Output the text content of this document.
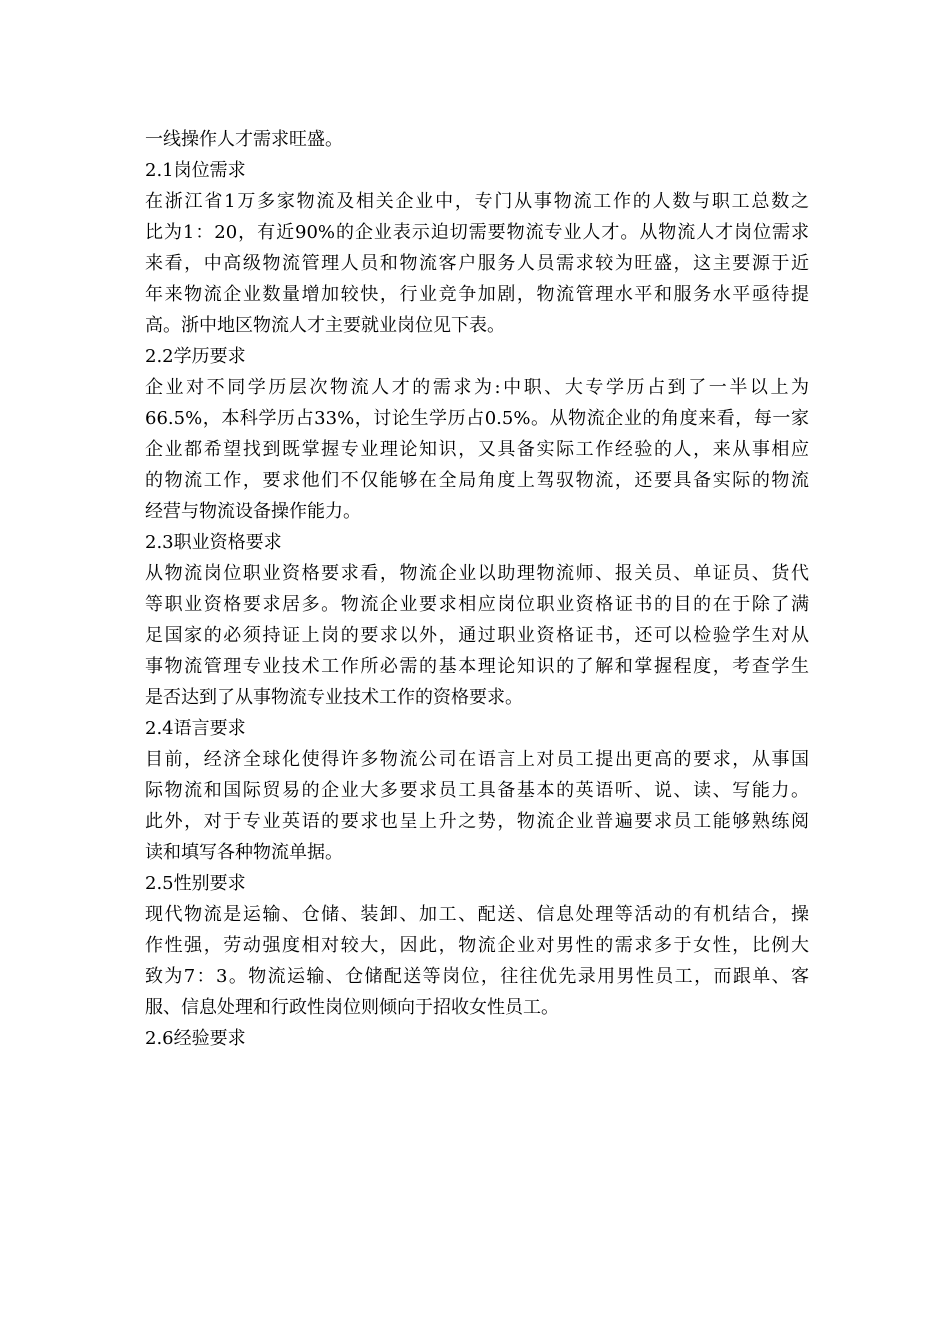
一线操作人才需求旺盛。
2.1岗位需求
在浙江省1万多家物流及相关企业中，专门从事物流工作的人数与职工总数之
比为1：20，有近90%的企业表示迫切需要物流专业人才。从物流人才岗位需求
来看，中高级物流管理人员和物流客户服务人员需求较为旺盛，这主要源于近
年来物流企业数量增加较快，行业竞争加剧，物流管理水平和服务水平亟待提
高。浙中地区物流人才主要就业岗位见下表。
2.2学历要求
企业对不同学历层次物流人才的需求为:中职、大专学历占到了一半以上为
66.5%，本科学历占33%，讨论生学历占0.5%。从物流企业的角度来看，每一家
企业都希望找到既掌握专业理论知识，又具备实际工作经验的人，来从事相应
的物流工作，要求他们不仅能够在全局角度上驾驭物流，还要具备实际的物流
经营与物流设备操作能力。
2.3职业资格要求
从物流岗位职业资格要求看，物流企业以助理物流师、报关员、单证员、货代
等职业资格要求居多。物流企业要求相应岗位职业资格证书的目的在于除了满
足国家的必须持证上岗的要求以外，通过职业资格证书，还可以检验学生对从
事物流管理专业技术工作所必需的基本理论知识的了解和掌握程度，考查学生
是否达到了从事物流专业技术工作的资格要求。
2.4语言要求
目前，经济全球化使得许多物流公司在语言上对员工提出更高的要求，从事国
际物流和国际贸易的企业大多要求员工具备基本的英语听、说、读、写能力。
此外，对于专业英语的要求也呈上升之势，物流企业普遍要求员工能够熟练阅
读和填写各种物流单据。
2.5性别要求
现代物流是运输、仓储、装卸、加工、配送、信息处理等活动的有机结合，操
作性强，劳动强度相对较大，因此，物流企业对男性的需求多于女性，比例大
致为7：3。物流运输、仓储配送等岗位，往往优先录用男性员工，而跟单、客
服、信息处理和行政性岗位则倾向于招收女性员工。
2.6经验要求
